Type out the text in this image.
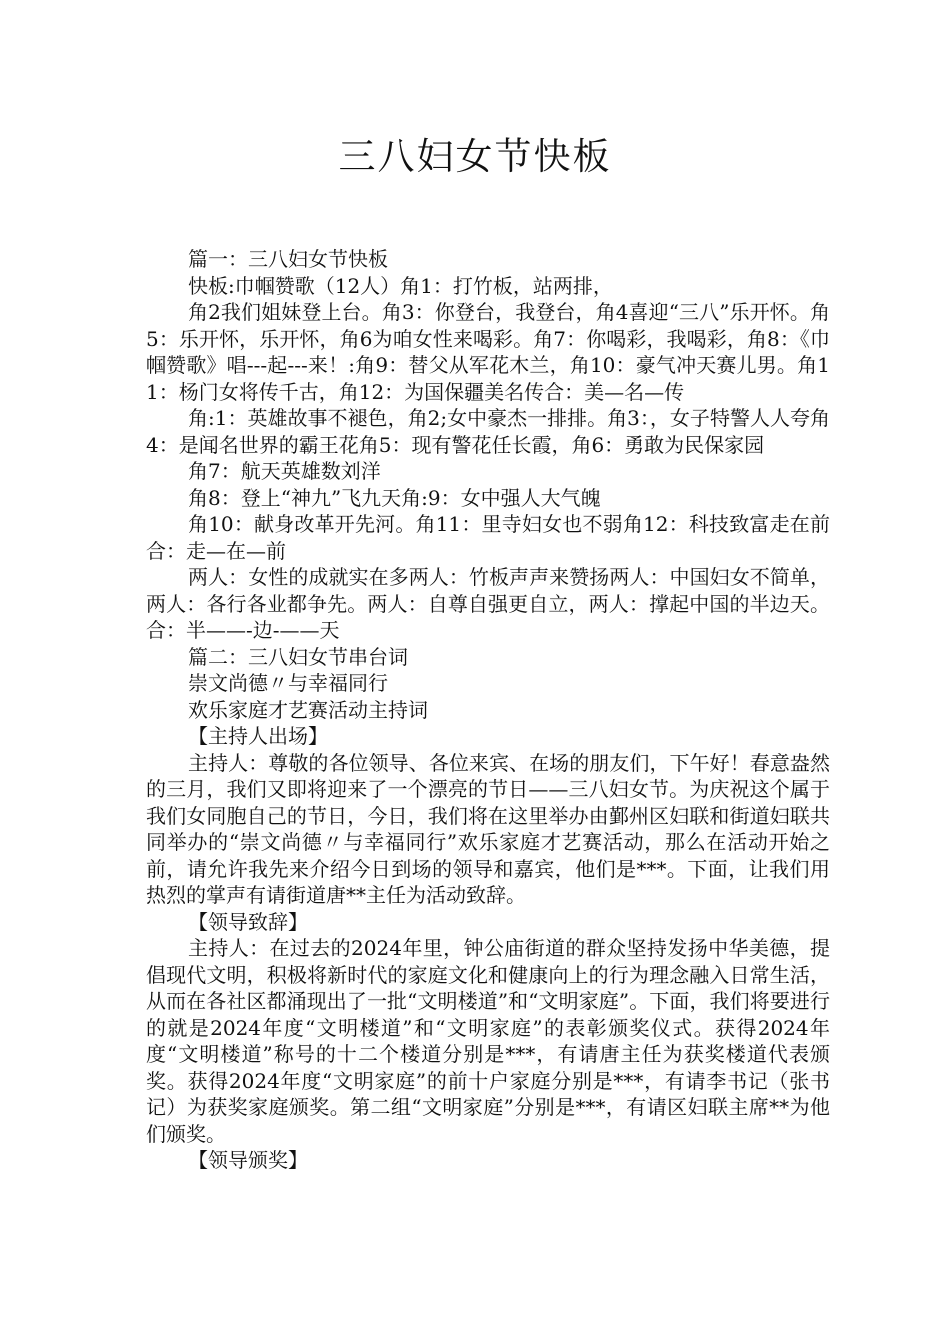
三八妇女节快板

篇一：三八妇女节快板

快板:巾帼赞歌（12人）角1：打竹板，站两排，

角2我们姐妹登上台。角3：你登台，我登台，角4喜迎“三八”乐开怀。角5：乐开怀，乐开怀，角6为咱女性来喝彩。角7：你喝彩，我喝彩，角8：《巾帼赞歌》唱---起---来！:角9：替父从军花木兰，角10：豪气冲天赛儿男。角11：杨门女将传千古，角12：为国保疆美名传合：美—名—传

角:1：英雄故事不褪色，角2;女中豪杰一排排。角3：，女子特警人人夸角4：是闻名世界的霸王花角5：现有警花任长霞，角6：勇敢为民保家园

角7：航天英雄数刘洋

角8：登上“神九”飞九天角:9：女中强人大气魄

角10：献身改革开先河。角11：里寺妇女也不弱角12：科技致富走在前合：走—在—前

两人：女性的成就实在多两人：竹板声声来赞扬两人：中国妇女不简单，两人：各行各业都争先。两人：自尊自强更自立，两人：撑起中国的半边天。合：半——-边-——天

篇二：三八妇女节串台词

崇文尚德〃与幸福同行

欢乐家庭才艺赛活动主持词

【主持人出场】

主持人：尊敬的各位领导、各位来宾、在场的朋友们，下午好！春意盎然的三月，我们又即将迎来了一个漂亮的节日——三八妇女节。为庆祝这个属于我们女同胞自己的节日，今日，我们将在这里举办由鄞州区妇联和街道妇联共同举办的“崇文尚德〃与幸福同行”欢乐家庭才艺赛活动，那么在活动开始之前，请允许我先来介绍今日到场的领导和嘉宾，他们是***。下面，让我们用热烈的掌声有请街道唐**主任为活动致辞。

【领导致辞】

主持人：在过去的2024年里，钟公庙街道的群众坚持发扬中华美德，提倡现代文明，积极将新时代的家庭文化和健康向上的行为理念融入日常生活，从而在各社区都涌现出了一批“文明楼道”和“文明家庭”。下面，我们将要进行的就是2024年度“文明楼道”和“文明家庭”的表彰颁奖仪式。获得2024年度“文明楼道”称号的十二个楼道分别是***，有请唐主任为获奖楼道代表颁奖。获得2024年度“文明家庭”的前十户家庭分别是***，有请李书记（张书记）为获奖家庭颁奖。第二组“文明家庭”分别是***，有请区妇联主席**为他们颁奖。

【领导颁奖】
